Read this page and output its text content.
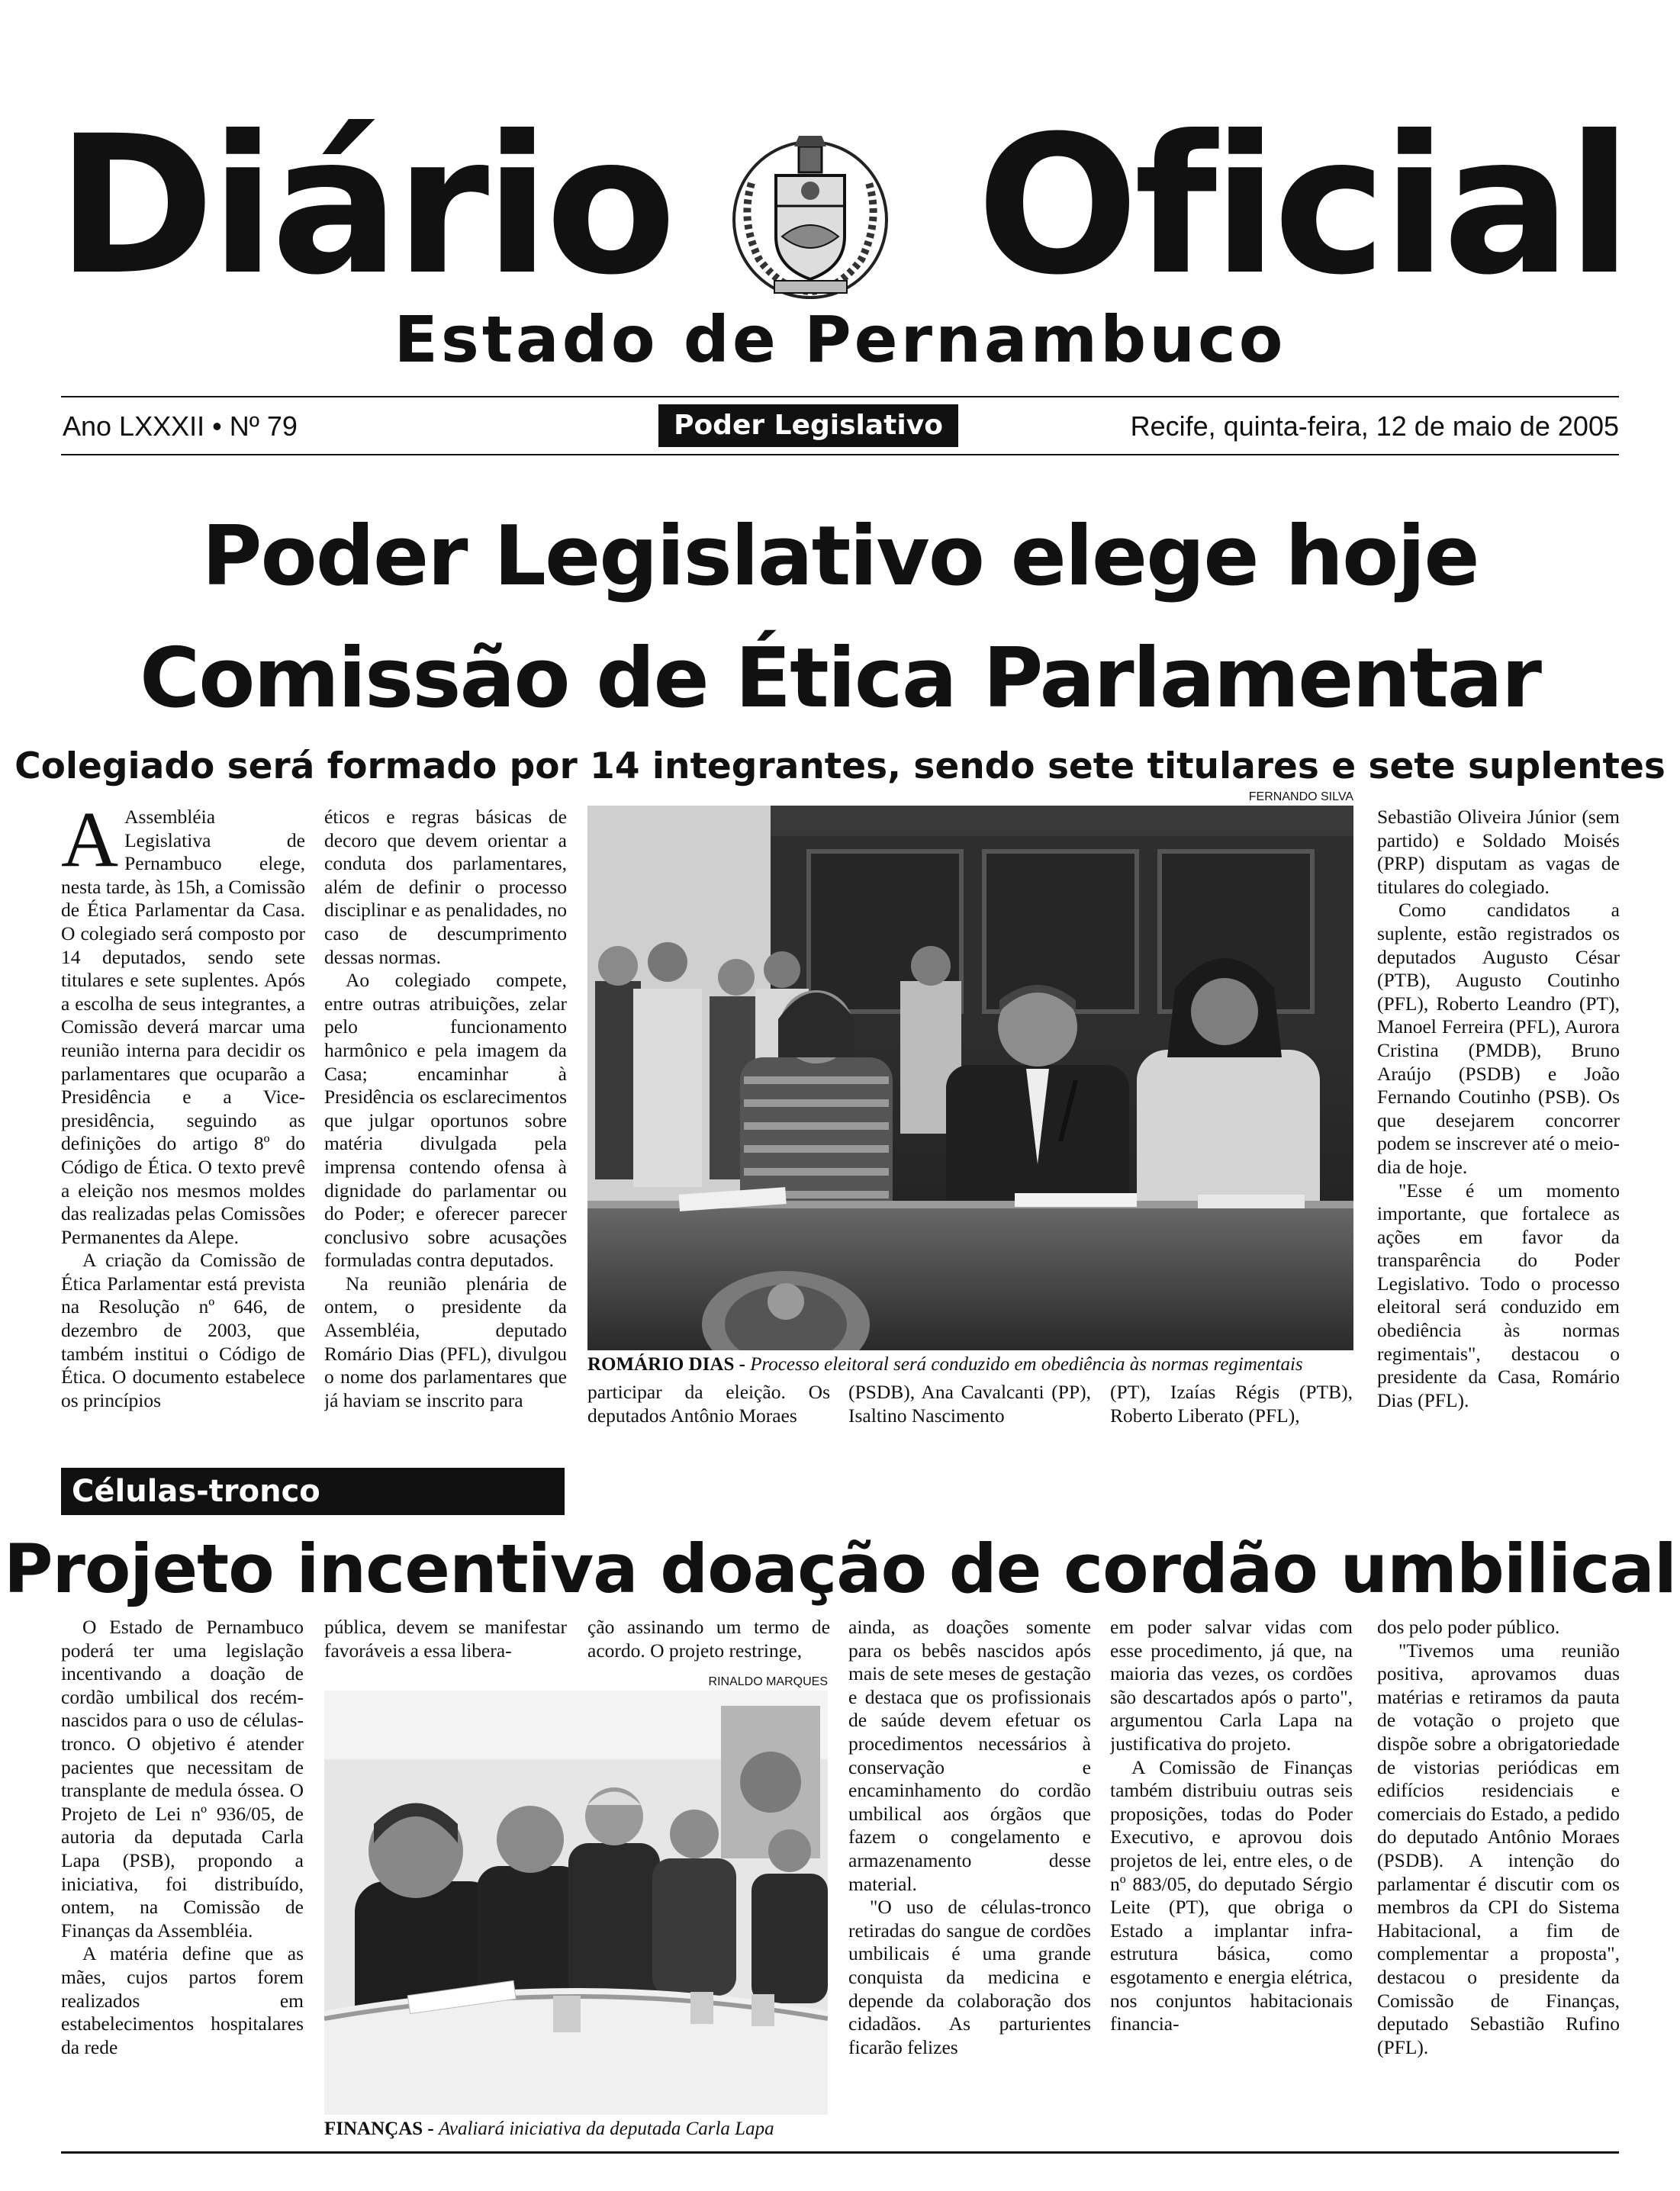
Diário Oficial
Estado de Pernambuco
Ano LXXXII • Nº 79	Poder Legislativo	Recife, quinta-feira, 12 de maio de 2005
Poder Legislativo elege hoje
Comissão de Ética Parlamentar
Colegiado será formado por 14 integrantes, sendo sete titulares e sete suplentes

A Assembléia Legislativa de Pernambuco elege, nesta tarde, às 15h, a Comissão de Ética Parlamentar da Casa. O colegiado será composto por 14 deputados, sendo sete titulares e sete suplentes. Após a escolha de seus integrantes, a Comissão deverá marcar uma reunião interna para decidir os parlamentares que ocuparão a Presidência e a Vice-presidência, seguindo as definições do artigo 8º do Código de Ética. O texto prevê a eleição nos mesmos moldes das realizadas pelas Comissões Permanentes da Alepe.

A criação da Comissão de Ética Parlamentar está prevista na Resolução nº 646, de dezembro de 2003, que também institui o Código de Ética. O documento estabelece os princípios

éticos e regras básicas de decoro que devem orientar a conduta dos parlamentares, além de definir o processo disciplinar e as penalidades, no caso de descumprimento dessas normas.

Ao colegiado compete, entre outras atribuições, zelar pelo funcionamento harmônico e pela imagem da Casa; encaminhar à Presidência os esclarecimentos que julgar oportunos sobre matéria divulgada pela imprensa contendo ofensa à dignidade do parlamentar ou do Poder; e oferecer parecer conclusivo sobre acusações formuladas contra deputados.

Na reunião plenária de ontem, o presidente da Assembléia, deputado Romário Dias (PFL), divulgou o nome dos parlamentares que já haviam se inscrito para

FERNANDO SILVA
ROMÁRIO DIAS - Processo eleitoral será conduzido em obediência às normas regimentais

participar da eleição. Os deputados Antônio Moraes

(PSDB), Ana Cavalcanti (PP), Isaltino Nascimento

(PT), Izaías Régis (PTB), Roberto Liberato (PFL),

Sebastião Oliveira Júnior (sem partido) e Soldado Moisés (PRP) disputam as vagas de titulares do colegiado.

Como candidatos a suplente, estão registrados os deputados Augusto César (PTB), Augusto Coutinho (PFL), Roberto Leandro (PT), Manoel Ferreira (PFL), Aurora Cristina (PMDB), Bruno Araújo (PSDB) e João Fernando Coutinho (PSB). Os que desejarem concorrer podem se inscrever até o meio-dia de hoje.

"Esse é um momento importante, que fortalece as ações em favor da transparência do Poder Legislativo. Todo o processo eleitoral será conduzido em obediência às normas regimentais", destacou o presidente da Casa, Romário Dias (PFL).

Células-tronco
Projeto incentiva doação de cordão umbilical

O Estado de Pernambuco poderá ter uma legislação incentivando a doação de cordão umbilical dos recém-nascidos para o uso de células-tronco. O objetivo é atender pacientes que necessitam de transplante de medula óssea. O Projeto de Lei nº 936/05, de autoria da deputada Carla Lapa (PSB), propondo a iniciativa, foi distribuído, ontem, na Comissão de Finanças da Assembléia.

A matéria define que as mães, cujos partos forem realizados em estabelecimentos hospitalares da rede

pública, devem se manifestar favoráveis a essa libera-

ção assinando um termo de acordo. O projeto restringe,

RINALDO MARQUES
FINANÇAS - Avaliará iniciativa da deputada Carla Lapa

ainda, as doações somente para os bebês nascidos após mais de sete meses de gestação e destaca que os profissionais de saúde devem efetuar os procedimentos necessários à conservação e encaminhamento do cordão umbilical aos órgãos que fazem o congelamento e armazenamento desse material.

"O uso de células-tronco retiradas do sangue de cordões umbilicais é uma grande conquista da medicina e depende da colaboração dos cidadãos. As parturientes ficarão felizes

em poder salvar vidas com esse procedimento, já que, na maioria das vezes, os cordões são descartados após o parto", argumentou Carla Lapa na justificativa do projeto.

A Comissão de Finanças também distribuiu outras seis proposições, todas do Poder Executivo, e aprovou dois projetos de lei, entre eles, o de nº 883/05, do deputado Sérgio Leite (PT), que obriga o Estado a implantar infra-estrutura básica, como esgotamento e energia elétrica, nos conjuntos habitacionais financia-

dos pelo poder público.

"Tivemos uma reunião positiva, aprovamos duas matérias e retiramos da pauta de votação o projeto que dispõe sobre a obrigatoriedade de vistorias periódicas em edifícios residenciais e comerciais do Estado, a pedido do deputado Antônio Moraes (PSDB). A intenção do parlamentar é discutir com os membros da CPI do Sistema Habitacional, a fim de complementar a proposta", destacou o presidente da Comissão de Finanças, deputado Sebastião Rufino (PFL).
